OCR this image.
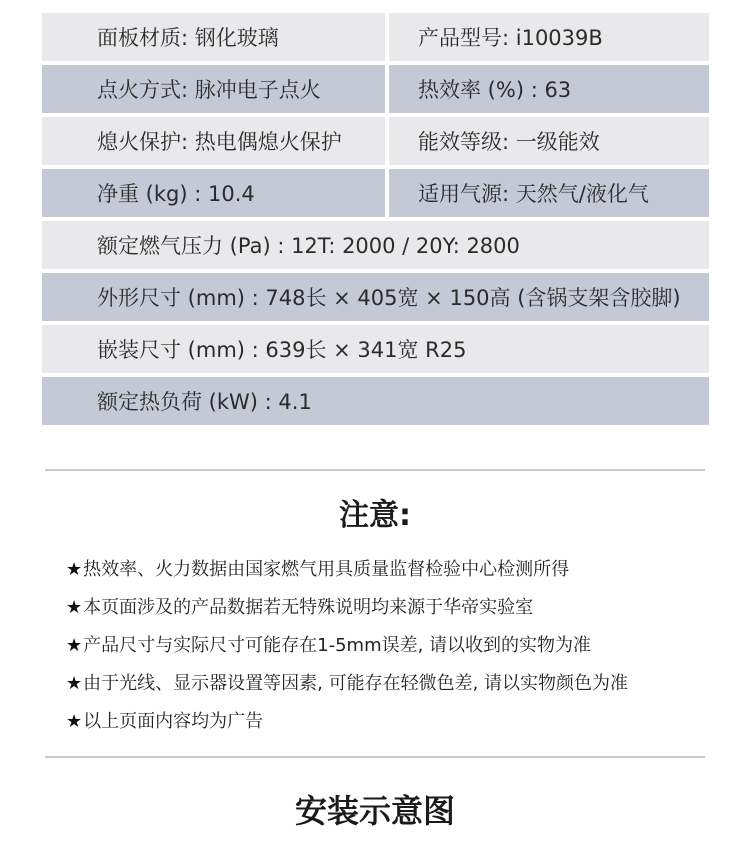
面板材质: 钢化玻璃	产品型号: i10039B
点火方式: 脉冲电子点火	热效率 (%) : 63
熄火保护: 热电偶熄火保护	能效等级: 一级能效
净重 (kg) : 10.4	适用气源: 天然气/液化气
额定燃气压力 (Pa) : 12T: 2000 / 20Y: 2800
外形尺寸 (mm) : 748长 × 405宽 × 150高 (含锅支架含胶脚)
嵌装尺寸 (mm) : 639长 × 341宽 R25
额定热负荷 (kW) : 4.1
注意:
★ 热效率、火力数据由国家燃气用具质量监督检验中心检测所得
★ 本页面涉及的产品数据若无特殊说明均来源于华帝实验室
★ 产品尺寸与实际尺寸可能存在1-5mm误差, 请以收到的实物为准
★ 由于光线、显示器设置等因素, 可能存在轻微色差, 请以实物颜色为准
★ 以上页面内容均为广告
安装示意图
